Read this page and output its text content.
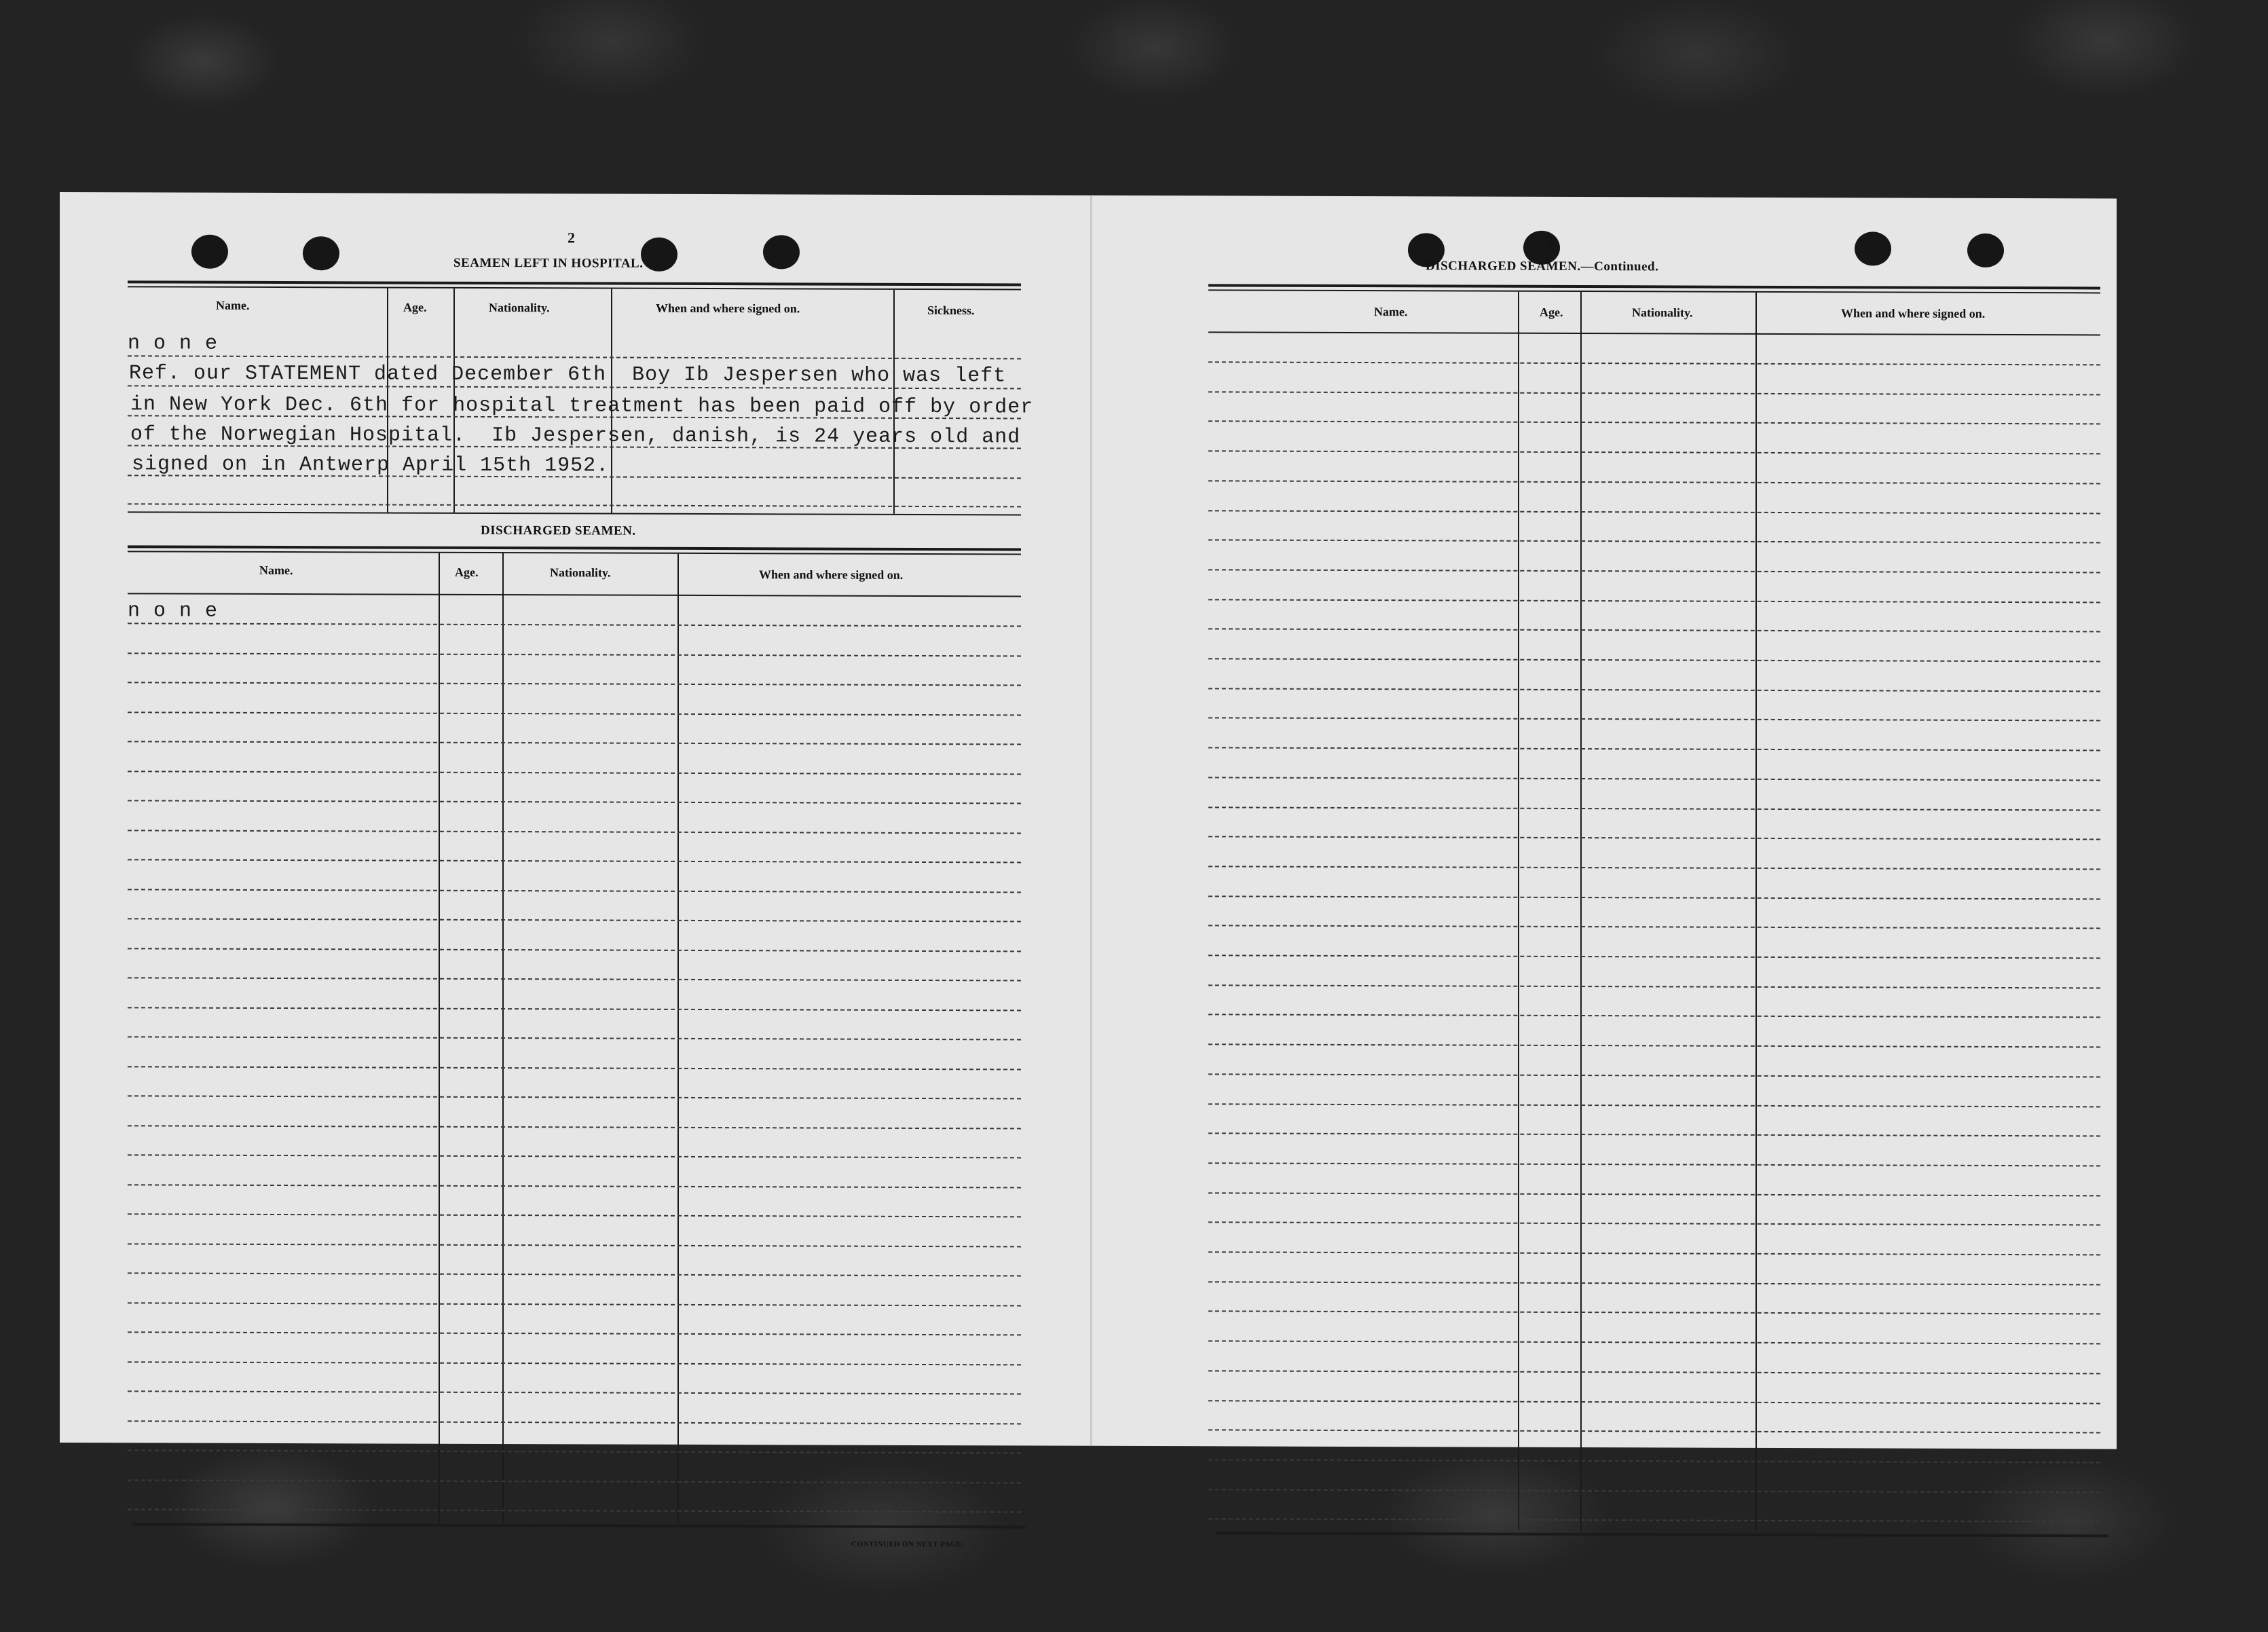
2
SEAMEN LEFT IN HOSPITAL.
Name.	Age.	Nationality.	When and where signed on.	Sickness.
n o n e
Ref. our STATEMENT dated December 6th  Boy Ib Jespersen who was left
in New York Dec. 6th for hospital treatment has been paid off by order
of the Norwegian Hospital.  Ib Jespersen, danish, is 24 years old and
signed on in Antwerp April 15th 1952.
DISCHARGED SEAMEN.
Name.	Age.	Nationality.	When and where signed on.
n o n e
CONTINUED ON NEXT PAGE.
3
DISCHARGED SEAMEN.—Continued.
Name.	Age.	Nationality.	When and where signed on.
